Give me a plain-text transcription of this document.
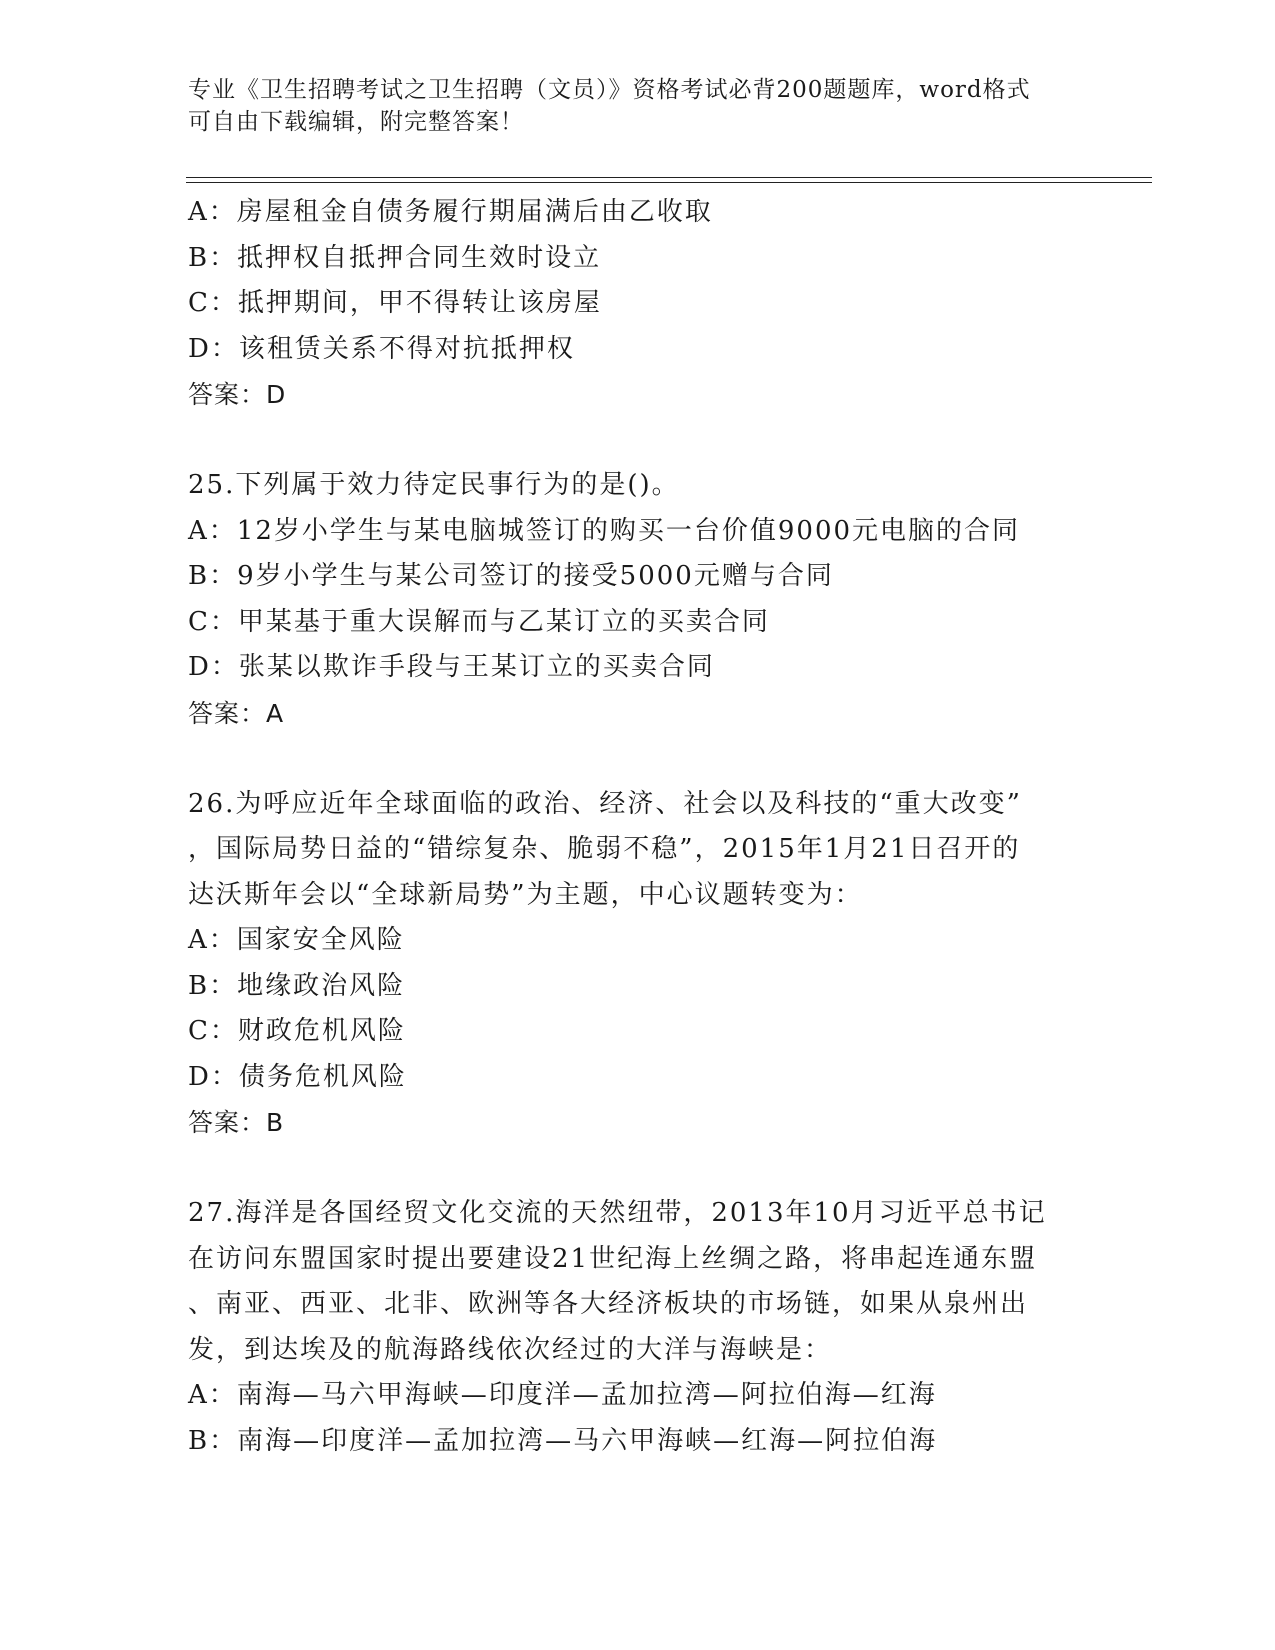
专业《卫生招聘考试之卫生招聘（文员）》资格考试必背200题题库，word格式
可自由下载编辑，附完整答案！
A：房屋租金自债务履行期届满后由乙收取
B：抵押权自抵押合同生效时设立
C：抵押期间，甲不得转让该房屋
D：该租赁关系不得对抗抵押权
答案：D
25.下列属于效力待定民事行为的是()。
A：12岁小学生与某电脑城签订的购买一台价值9000元电脑的合同
B：9岁小学生与某公司签订的接受5000元赠与合同
C：甲某基于重大误解而与乙某订立的买卖合同
D：张某以欺诈手段与王某订立的买卖合同
答案：A
26.为呼应近年全球面临的政治、经济、社会以及科技的“重大改变”
，国际局势日益的“错综复杂、脆弱不稳”，2015年1月21日召开的
达沃斯年会以“全球新局势”为主题，中心议题转变为：
A：国家安全风险
B：地缘政治风险
C：财政危机风险
D：债务危机风险
答案：B
27.海洋是各国经贸文化交流的天然纽带，2013年10月习近平总书记
在访问东盟国家时提出要建设21世纪海上丝绸之路，将串起连通东盟
、南亚、西亚、北非、欧洲等各大经济板块的市场链，如果从泉州出
发，到达埃及的航海路线依次经过的大洋与海峡是：
A：南海—马六甲海峡—印度洋—孟加拉湾—阿拉伯海—红海
B：南海—印度洋—孟加拉湾—马六甲海峡—红海—阿拉伯海
